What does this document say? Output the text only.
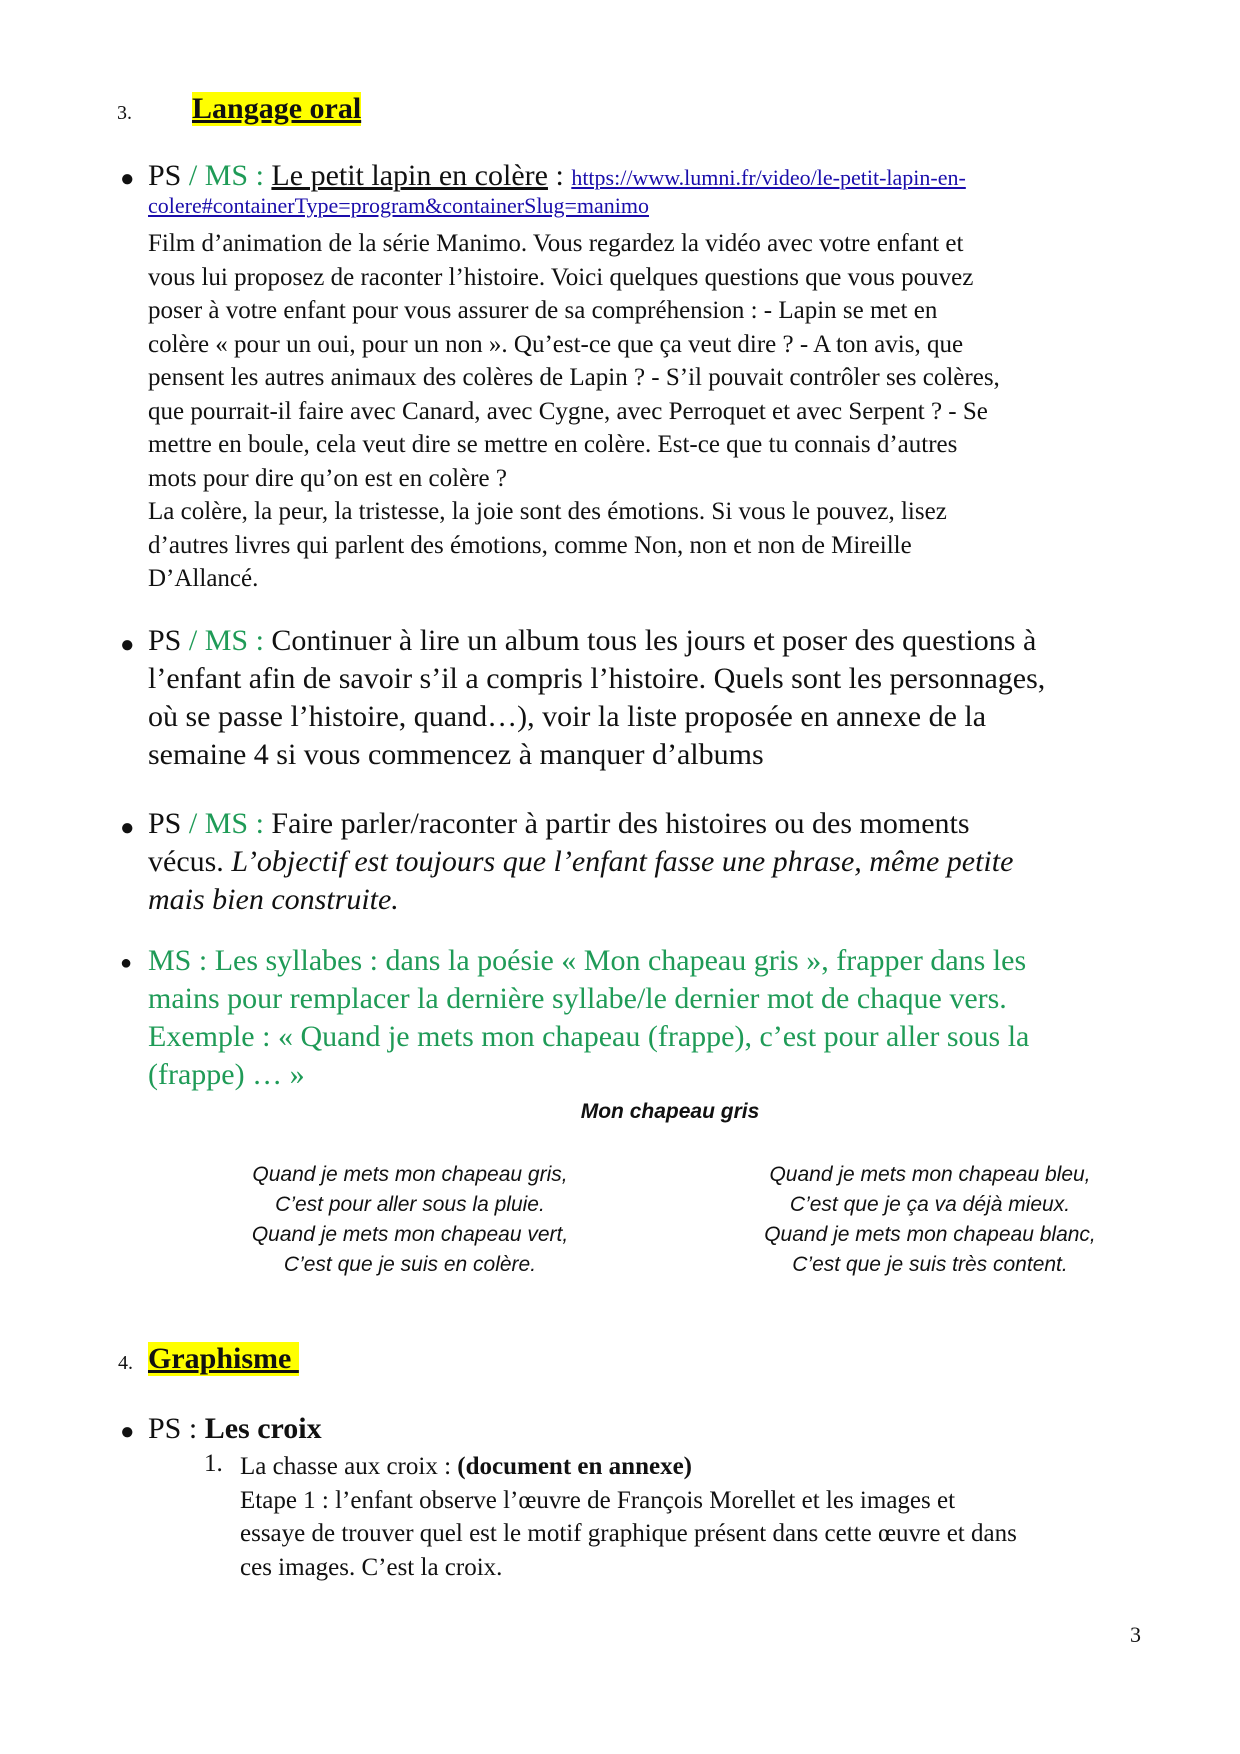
3. Langage oral
● PS / MS : Le petit lapin en colère : https://www.lumni.fr/video/le-petit-lapin-en-
colere#containerType=program&containerSlug=manimo

Film d’animation de la série Manimo. Vous regardez la vidéo avec votre enfant et

vous lui proposez de raconter l’histoire. Voici quelques questions que vous pouvez

poser à votre enfant pour vous assurer de sa compréhension : - Lapin se met en

colère « pour un oui, pour un non ». Qu’est-ce que ça veut dire ? - A ton avis, que

pensent les autres animaux des colères de Lapin ? - S’il pouvait contrôler ses colères,

que pourrait-il faire avec Canard, avec Cygne, avec Perroquet et avec Serpent ? - Se

mettre en boule, cela veut dire se mettre en colère. Est-ce que tu connais d’autres

mots pour dire qu’on est en colère ?

La colère, la peur, la tristesse, la joie sont des émotions. Si vous le pouvez, lisez

d’autres livres qui parlent des émotions, comme Non, non et non de Mireille

D’Allancé.

● PS / MS : Continuer à lire un album tous les jours et poser des questions à

l’enfant afin de savoir s’il a compris l’histoire. Quels sont les personnages,

où se passe l’histoire, quand…), voir la liste proposée en annexe de la

semaine 4 si vous commencez à manquer d’albums

● PS / MS : Faire parler/raconter à partir des histoires ou des moments

vécus. L’objectif est toujours que l’enfant fasse une phrase, même petite

mais bien construite.

● MS : Les syllabes : dans la poésie « Mon chapeau gris », frapper dans les

mains pour remplacer la dernière syllabe/le dernier mot de chaque vers.

Exemple : « Quand je mets mon chapeau (frappe), c’est pour aller sous la

(frappe) … »

Mon chapeau gris

Quand je mets mon chapeau gris,

C’est pour aller sous la pluie.

Quand je mets mon chapeau vert,

C’est que je suis en colère.

Quand je mets mon chapeau bleu,

C’est que je ça va déjà mieux.

Quand je mets mon chapeau blanc,

C’est que je suis très content.

4. Graphisme
● PS : Les croix
1. La chasse aux croix : (document en annexe)

Etape 1 : l’enfant observe l’œuvre de François Morellet et les images et

essaye de trouver quel est le motif graphique présent dans cette œuvre et dans

ces images. C’est la croix.

3
